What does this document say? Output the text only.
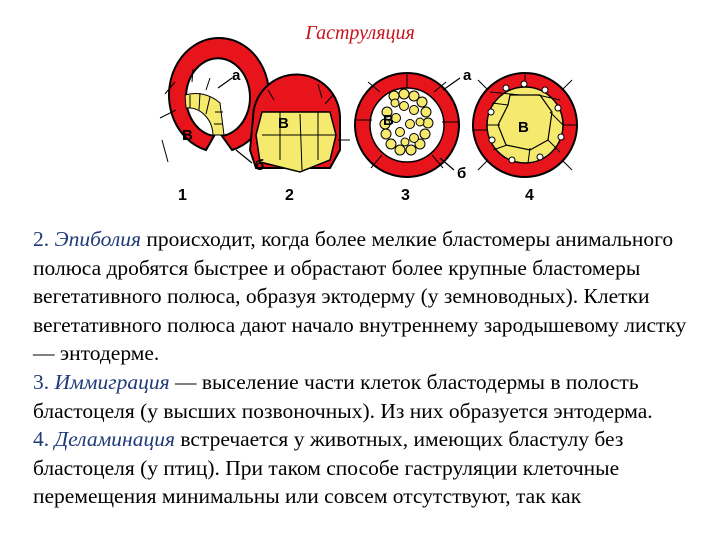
Гаструляция
В
1
В
2
В
3
В
4
а
б
а
б

2. Эпиболия происходит, когда более мелкие бластомеры анимального полюса дробятся быстрее и обрастают более крупные бластомеры вегетативного полюса, образуя эктодерму (у земноводных). Клетки вегетативного полюса дают начало внутреннему зародышевому листку — энтодерме.

3. Иммиграция — выселение части клеток бластодермы в полость бластоцеля (у высших позвоночных). Из них образуется энтодерма.

4. Деламинация встречается у животных, имеющих бластулу без бластоцеля (у птиц). При таком способе гаструляции клеточные перемещения минимальны или совсем отсутствуют, так как
